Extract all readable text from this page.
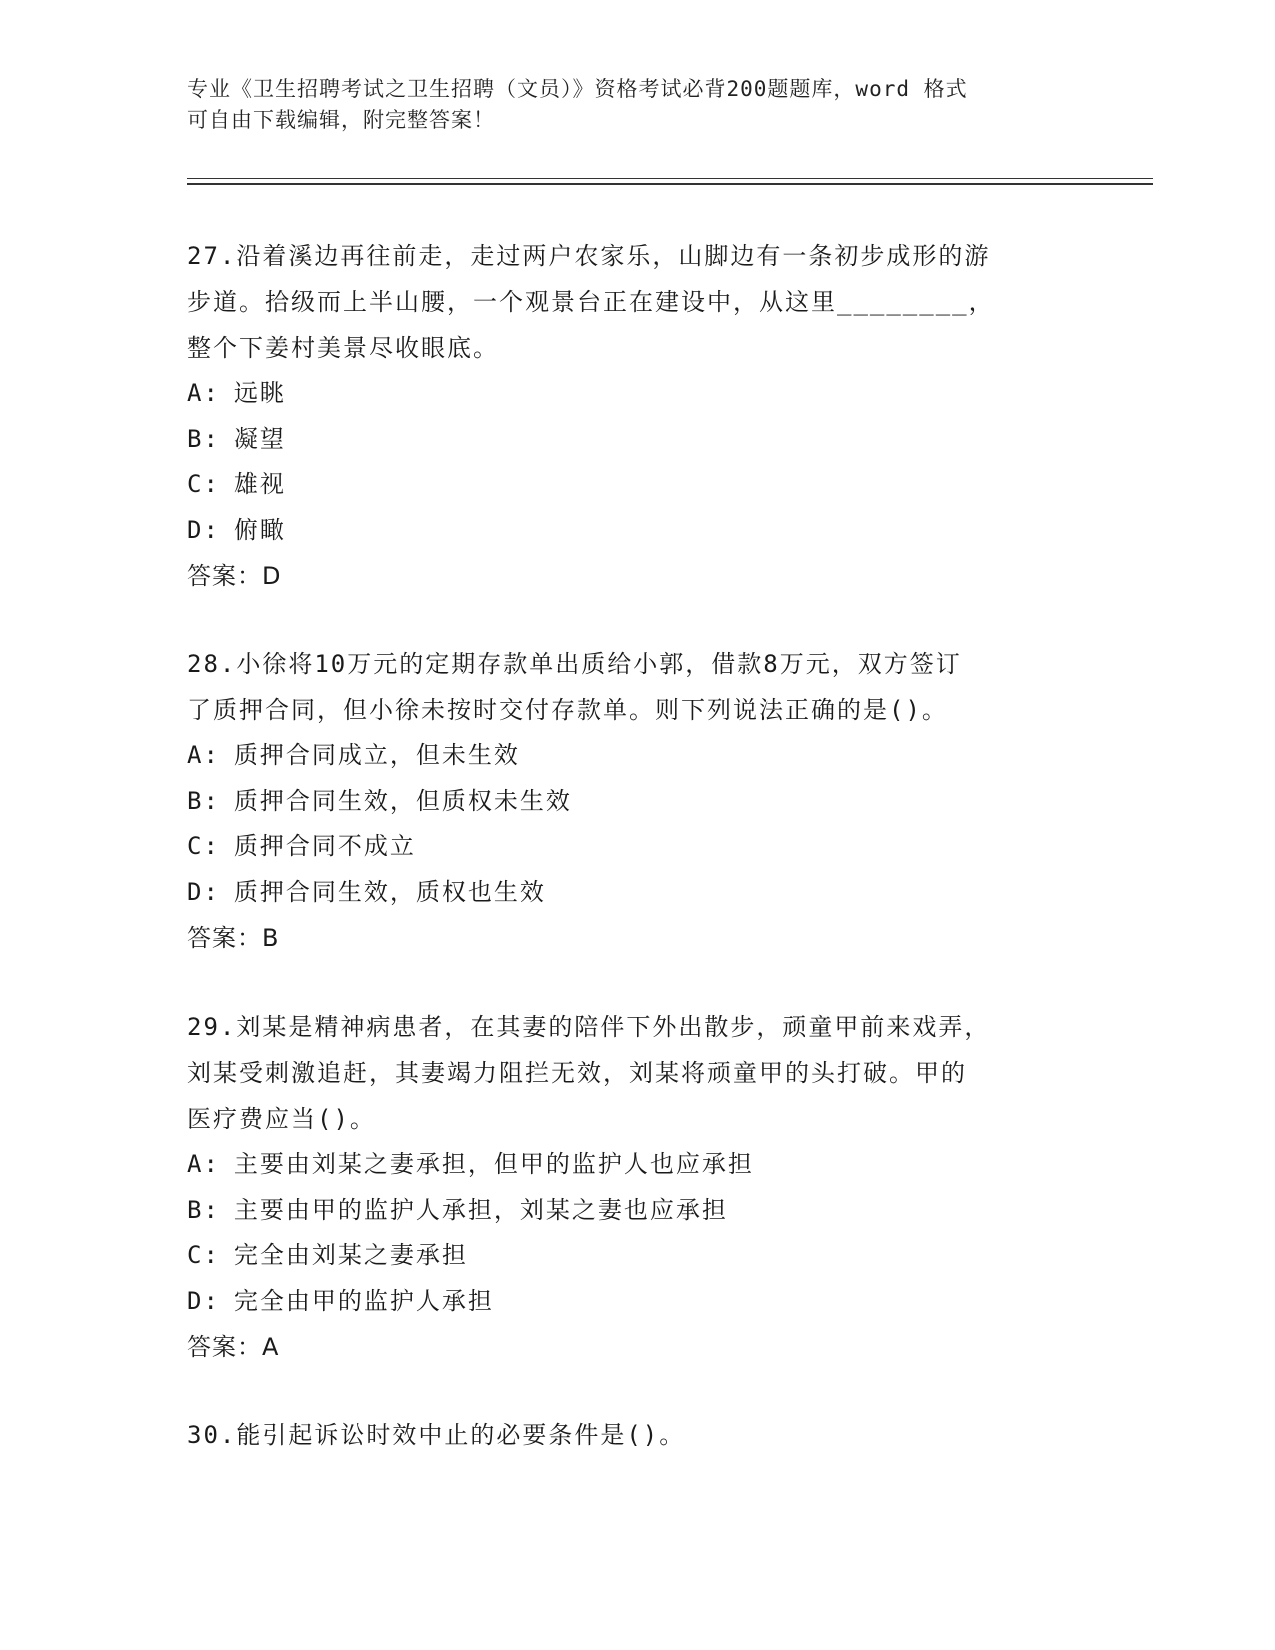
专业《卫生招聘考试之卫生招聘（文员）》资格考试必背200题题库，word 格式
可自由下载编辑，附完整答案！

27.沿着溪边再往前走，走过两户农家乐，山脚边有一条初步成形的游

步道。拾级而上半山腰，一个观景台正在建设中，从这里________，

整个下姜村美景尽收眼底。

A: 远眺

B: 凝望

C: 雄视

D: 俯瞰

答案：D

28.小徐将10万元的定期存款单出质给小郭，借款8万元，双方签订

了质押合同，但小徐未按时交付存款单。则下列说法正确的是()。

A: 质押合同成立，但未生效

B: 质押合同生效，但质权未生效

C: 质押合同不成立

D: 质押合同生效，质权也生效

答案：B

29.刘某是精神病患者，在其妻的陪伴下外出散步，顽童甲前来戏弄，

刘某受刺激追赶，其妻竭力阻拦无效，刘某将顽童甲的头打破。甲的

医疗费应当()。

A: 主要由刘某之妻承担，但甲的监护人也应承担

B: 主要由甲的监护人承担，刘某之妻也应承担

C: 完全由刘某之妻承担

D: 完全由甲的监护人承担

答案：A

30.能引起诉讼时效中止的必要条件是()。
